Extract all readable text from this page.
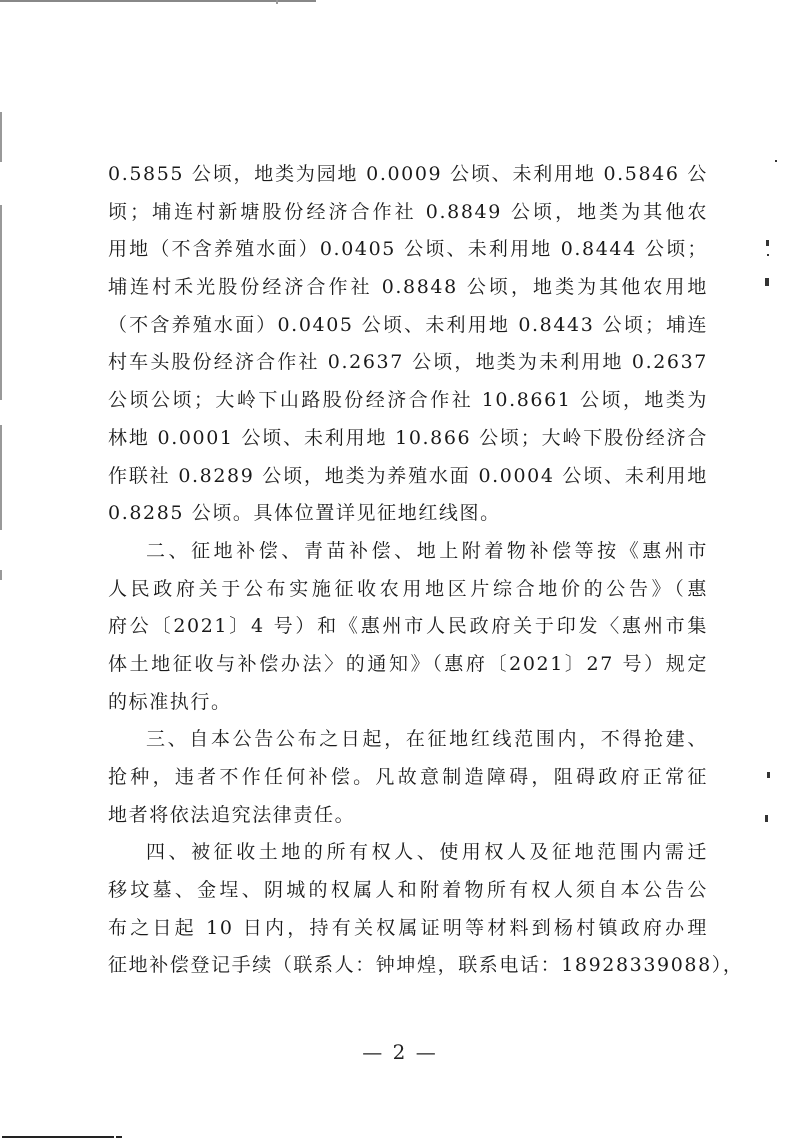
0.5855 公顷，地类为园地 0.0009 公顷、未利用地 0.5846 公
顷；埔连村新塘股份经济合作社 0.8849 公顷，地类为其他农
用地（不含养殖水面）0.0405 公顷、未利用地 0.8444 公顷；
埔连村禾光股份经济合作社 0.8848 公顷，地类为其他农用地
（不含养殖水面）0.0405 公顷、未利用地 0.8443 公顷；埔连
村车头股份经济合作社 0.2637 公顷，地类为未利用地 0.2637
公顷公顷；大岭下山路股份经济合作社 10.8661 公顷，地类为
林地 0.0001 公顷、未利用地 10.866 公顷；大岭下股份经济合
作联社 0.8289 公顷，地类为养殖水面 0.0004 公顷、未利用地
0.8285 公顷。具体位置详见征地红线图。
二、征地补偿、青苗补偿、地上附着物补偿等按《惠州市
人民政府关于公布实施征收农用地区片综合地价的公告》（惠
府公〔2021〕4 号）和《惠州市人民政府关于印发〈惠州市集
体土地征收与补偿办法〉的通知》（惠府〔2021〕27 号）规定
的标准执行。
三、自本公告公布之日起，在征地红线范围内，不得抢建、
抢种，违者不作任何补偿。凡故意制造障碍，阻碍政府正常征
地者将依法追究法律责任。
四、被征收土地的所有权人、使用权人及征地范围内需迁
移坟墓、金埕、阴城的权属人和附着物所有权人须自本公告公
布之日起 10 日内，持有关权属证明等材料到杨村镇政府办理
征地补偿登记手续（联系人：钟坤煌，联系电话：18928339088），
— 2 —
